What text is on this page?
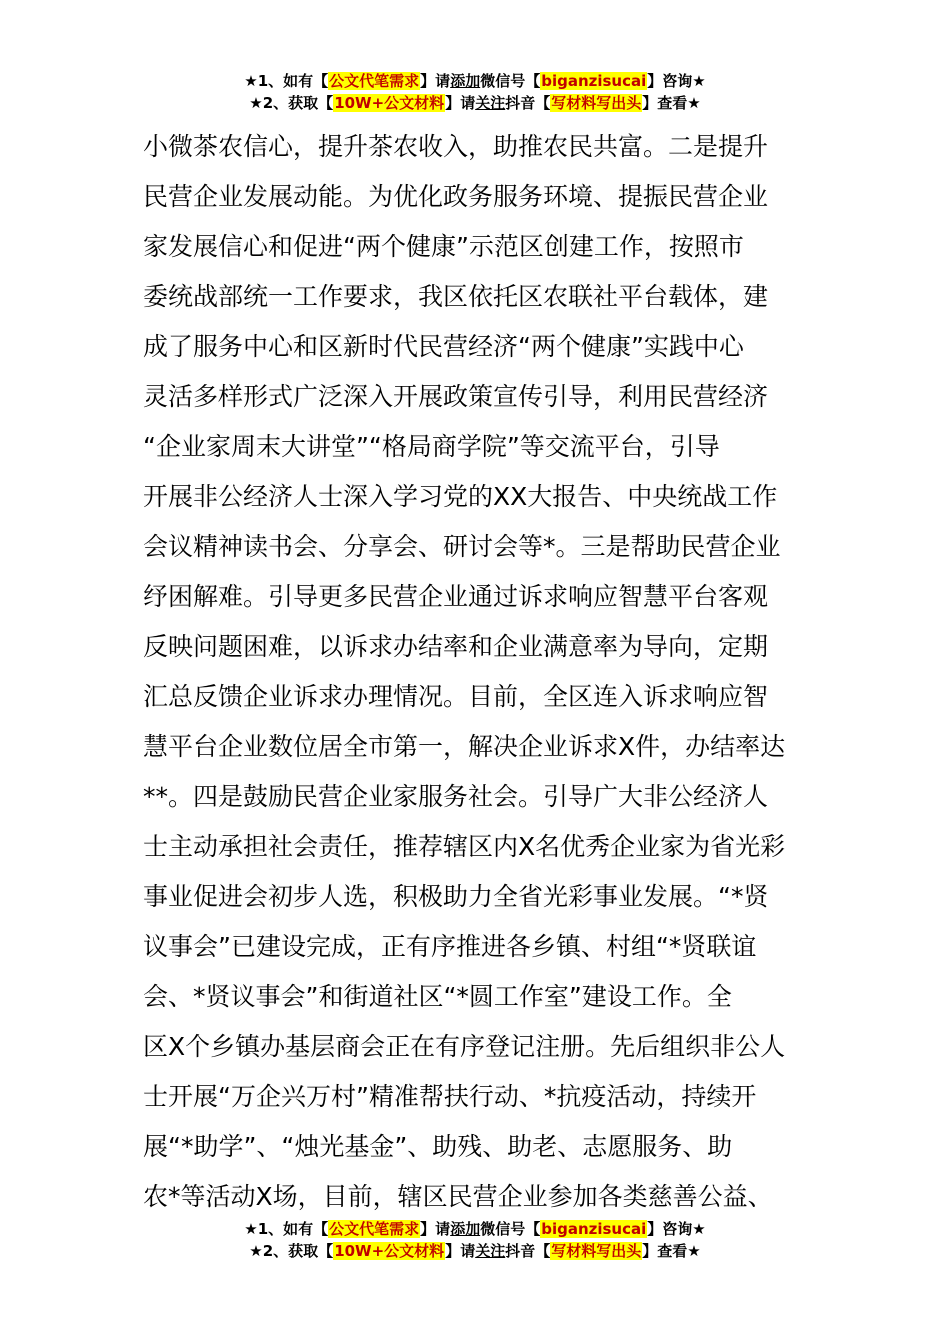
★1、如有【公文代笔需求】请添加微信号【biganzisucai】咨询★
★2、获取【10W+公文材料】请关注抖音【写材料写出头】查看★
小微茶农信心，提升茶农收入，助推农民共富。二是提升
民营企业发展动能。为优化政务服务环境、提振民营企业
家发展信心和促进“两个健康”示范区创建工作，按照市
委统战部统一工作要求，我区依托区农联社平台载体，建
成了服务中心和区新时代民营经济“两个健康”实践中心
灵活多样形式广泛深入开展政策宣传引导，利用民营经济
“企业家周末大讲堂”“格局商学院”等交流平台，引导
开展非公经济人士深入学习党的XX大报告、中央统战工作
会议精神读书会、分享会、研讨会等*。三是帮助民营企业
纾困解难。引导更多民营企业通过诉求响应智慧平台客观
反映问题困难，以诉求办结率和企业满意率为导向，定期
汇总反馈企业诉求办理情况。目前，全区连入诉求响应智
慧平台企业数位居全市第一，解决企业诉求X件，办结率达
**。四是鼓励民营企业家服务社会。引导广大非公经济人
士主动承担社会责任，推荐辖区内X名优秀企业家为省光彩
事业促进会初步人选，积极助力全省光彩事业发展。“*贤
议事会”已建设完成，正有序推进各乡镇、村组“*贤联谊
会、*贤议事会”和街道社区“*圆工作室”建设工作。全
区X个乡镇办基层商会正在有序登记注册。先后组织非公人
士开展“万企兴万村”精准帮扶行动、*抗疫活动，持续开
展“*助学”、“烛光基金”、助残、助老、志愿服务、助
农*等活动X场，目前，辖区民营企业参加各类慈善公益、
★1、如有【公文代笔需求】请添加微信号【biganzisucai】咨询★
★2、获取【10W+公文材料】请关注抖音【写材料写出头】查看★
